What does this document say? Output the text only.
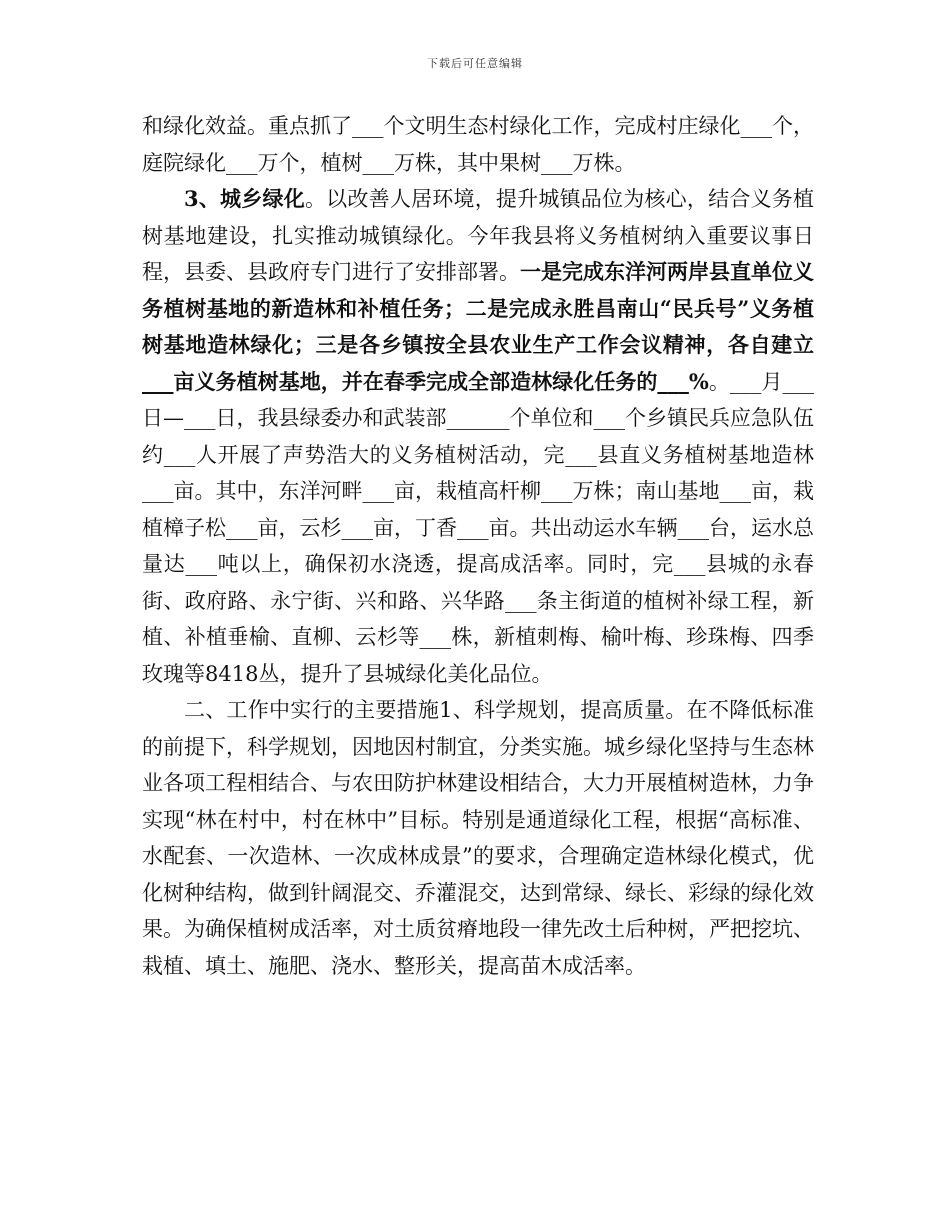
下载后可任意编辑

和绿化效益。重点抓了___个文明生态村绿化工作，完成村庄绿化___个，庭院绿化___万个，植树___万株，其中果树___万株。

3、城乡绿化。以改善人居环境，提升城镇品位为核心，结合义务植树基地建设，扎实推动城镇绿化。今年我县将义务植树纳入重要议事日程，县委、县政府专门进行了安排部署。一是完成东洋河两岸县直单位义务植树基地的新造林和补植任务；二是完成永胜昌南山“民兵号”义务植树基地造林绿化；三是各乡镇按全县农业生产工作会议精神，各自建立___亩义务植树基地，并在春季完成全部造林绿化任务的___%。___月___日—___日，我县绿委办和武装部______个单位和___个乡镇民兵应急队伍约___人开展了声势浩大的义务植树活动，完___县直义务植树基地造林___亩。其中，东洋河畔___亩，栽植高杆柳___万株；南山基地___亩，栽植樟子松___亩，云杉___亩，丁香___亩。共出动运水车辆___台，运水总量达___吨以上，确保初水浇透，提高成活率。同时，完___县城的永春街、政府路、永宁街、兴和路、兴华路___条主街道的植树补绿工程，新植、补植垂榆、直柳、云杉等___株，新植刺梅、榆叶梅、珍珠梅、四季玫瑰等8418丛，提升了县城绿化美化品位。

二、工作中实行的主要措施1、科学规划，提高质量。在不降低标准的前提下，科学规划，因地因村制宜，分类实施。城乡绿化坚持与生态林业各项工程相结合、与农田防护林建设相结合，大力开展植树造林，力争实现“林在村中，村在林中”目标。特别是通道绿化工程，根据“高标准、水配套、一次造林、一次成林成景”的要求，合理确定造林绿化模式，优化树种结构，做到针阔混交、乔灌混交，达到常绿、绿长、彩绿的绿化效果。为确保植树成活率，对土质贫瘠地段一律先改土后种树，严把挖坑、栽植、填土、施肥、浇水、整形关，提高苗木成活率。
